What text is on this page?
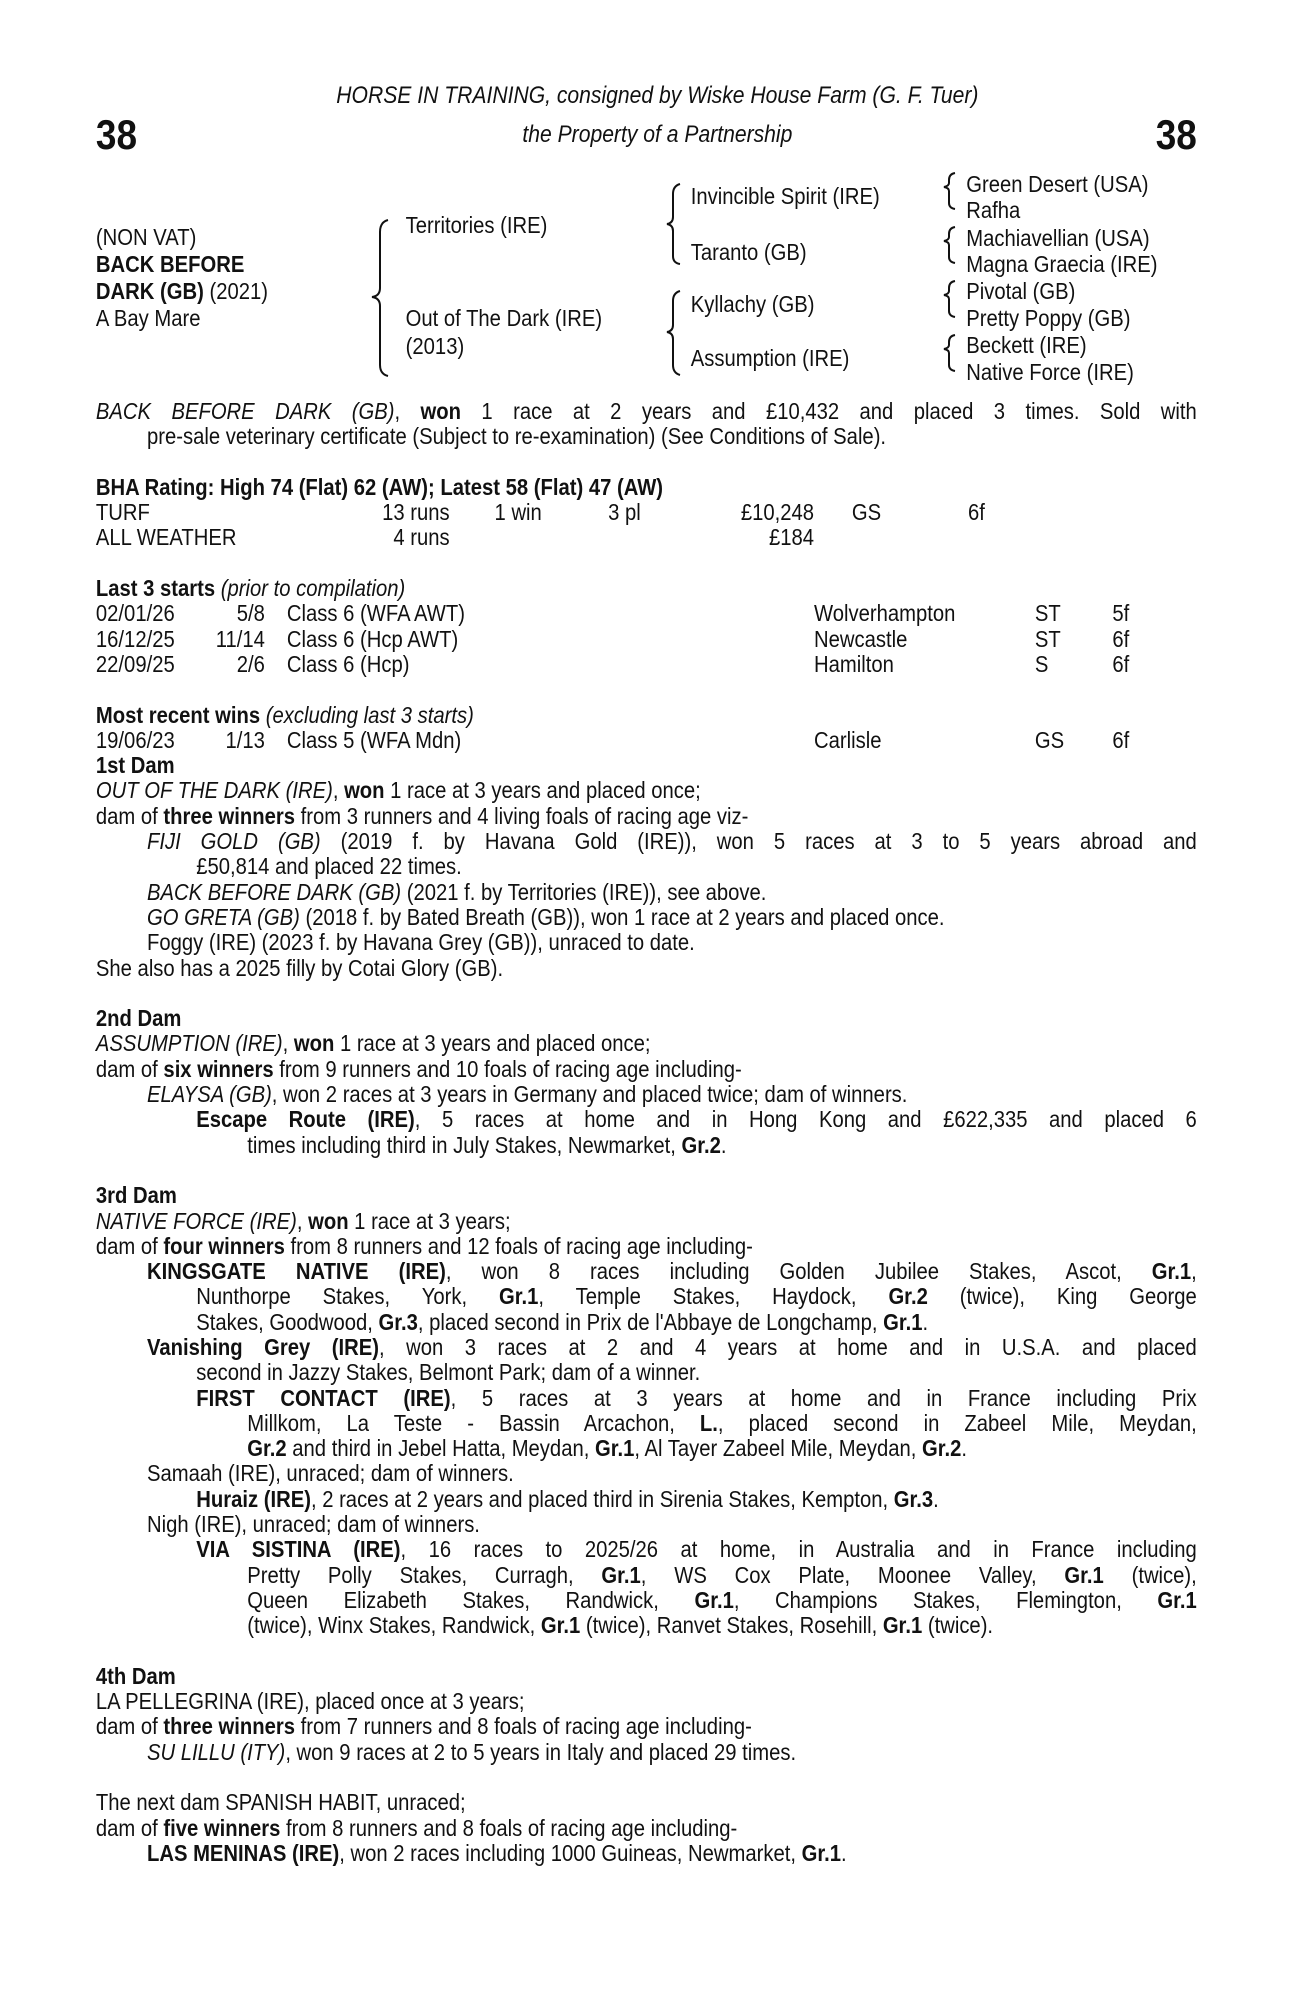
HORSE IN TRAINING, consigned by Wiske House Farm (G. F. Tuer)
the Property of a Partnership
38	38
(NON VAT)
BACK BEFORE
DARK (GB) (2021)
A Bay Mare
Territories (IRE)
Out of The Dark (IRE)
(2013)
Invincible Spirit (IRE)
Taranto (GB)
Kyllachy (GB)
Assumption (IRE)
Green Desert (USA)
Rafha
Machiavellian (USA)
Magna Graecia (IRE)
Pivotal (GB)
Pretty Poppy (GB)
Beckett (IRE)
Native Force (IRE)
BACK BEFORE DARK (GB), won 1 race at 2 years and £10,432 and placed 3 times. Sold with
pre-sale veterinary certificate (Subject to re-examination) (See Conditions of Sale).
BHA Rating: High 74 (Flat) 62 (AW); Latest 58 (Flat) 47 (AW)
TURF	13 runs 1 win	3 pl	£10,248 GS	6f
ALL WEATHER	4 runs	£184
Last 3 starts (prior to compilation)
02/01/26	5/8 Class 6 (WFA AWT)	Wolverhampton	ST 5f
16/12/25 11/14 Class 6 (Hcp AWT)	Newcastle	ST 6f
22/09/25	2/6 Class 6 (Hcp)	Hamilton	S	6f
Most recent wins (excluding last 3 starts)
19/06/23 1/13 Class 5 (WFA Mdn)	Carlisle	GS 6f
1st Dam
OUT OF THE DARK (IRE), won 1 race at 3 years and placed once;
dam of three winners from 3 runners and 4 living foals of racing age viz-
FIJI GOLD (GB) (2019 f. by Havana Gold (IRE)), won 5 races at 3 to 5 years abroad and
£50,814 and placed 22 times.
BACK BEFORE DARK (GB) (2021 f. by Territories (IRE)), see above.
GO GRETA (GB) (2018 f. by Bated Breath (GB)), won 1 race at 2 years and placed once.
Foggy (IRE) (2023 f. by Havana Grey (GB)), unraced to date.
She also has a 2025 filly by Cotai Glory (GB).
2nd Dam
ASSUMPTION (IRE), won 1 race at 3 years and placed once;
dam of six winners from 9 runners and 10 foals of racing age including-
ELAYSA (GB), won 2 races at 3 years in Germany and placed twice; dam of winners.
Escape Route (IRE), 5 races at home and in Hong Kong and £622,335 and placed 6
times including third in July Stakes, Newmarket, Gr.2.
3rd Dam
NATIVE FORCE (IRE), won 1 race at 3 years;
dam of four winners from 8 runners and 12 foals of racing age including-
KINGSGATE NATIVE (IRE), won 8 races including Golden Jubilee Stakes, Ascot, Gr.1,
Nunthorpe Stakes, York, Gr.1, Temple Stakes, Haydock, Gr.2 (twice), King George
Stakes, Goodwood, Gr.3, placed second in Prix de l'Abbaye de Longchamp, Gr.1.
Vanishing Grey (IRE), won 3 races at 2 and 4 years at home and in U.S.A. and placed
second in Jazzy Stakes, Belmont Park; dam of a winner.
FIRST CONTACT (IRE), 5 races at 3 years at home and in France including Prix
Millkom, La Teste - Bassin Arcachon, L., placed second in Zabeel Mile, Meydan,
Gr.2 and third in Jebel Hatta, Meydan, Gr.1, Al Tayer Zabeel Mile, Meydan, Gr.2.
Samaah (IRE), unraced; dam of winners.
Huraiz (IRE), 2 races at 2 years and placed third in Sirenia Stakes, Kempton, Gr.3.
Nigh (IRE), unraced; dam of winners.
VIA SISTINA (IRE), 16 races to 2025/26 at home, in Australia and in France including
Pretty Polly Stakes, Curragh, Gr.1, WS Cox Plate, Moonee Valley, Gr.1 (twice),
Queen Elizabeth Stakes, Randwick, Gr.1, Champions Stakes, Flemington, Gr.1
(twice), Winx Stakes, Randwick, Gr.1 (twice), Ranvet Stakes, Rosehill, Gr.1 (twice).
4th Dam
LA PELLEGRINA (IRE), placed once at 3 years;
dam of three winners from 7 runners and 8 foals of racing age including-
SU LILLU (ITY), won 9 races at 2 to 5 years in Italy and placed 29 times.
The next dam SPANISH HABIT, unraced;
dam of five winners from 8 runners and 8 foals of racing age including-
LAS MENINAS (IRE), won 2 races including 1000 Guineas, Newmarket, Gr.1.
